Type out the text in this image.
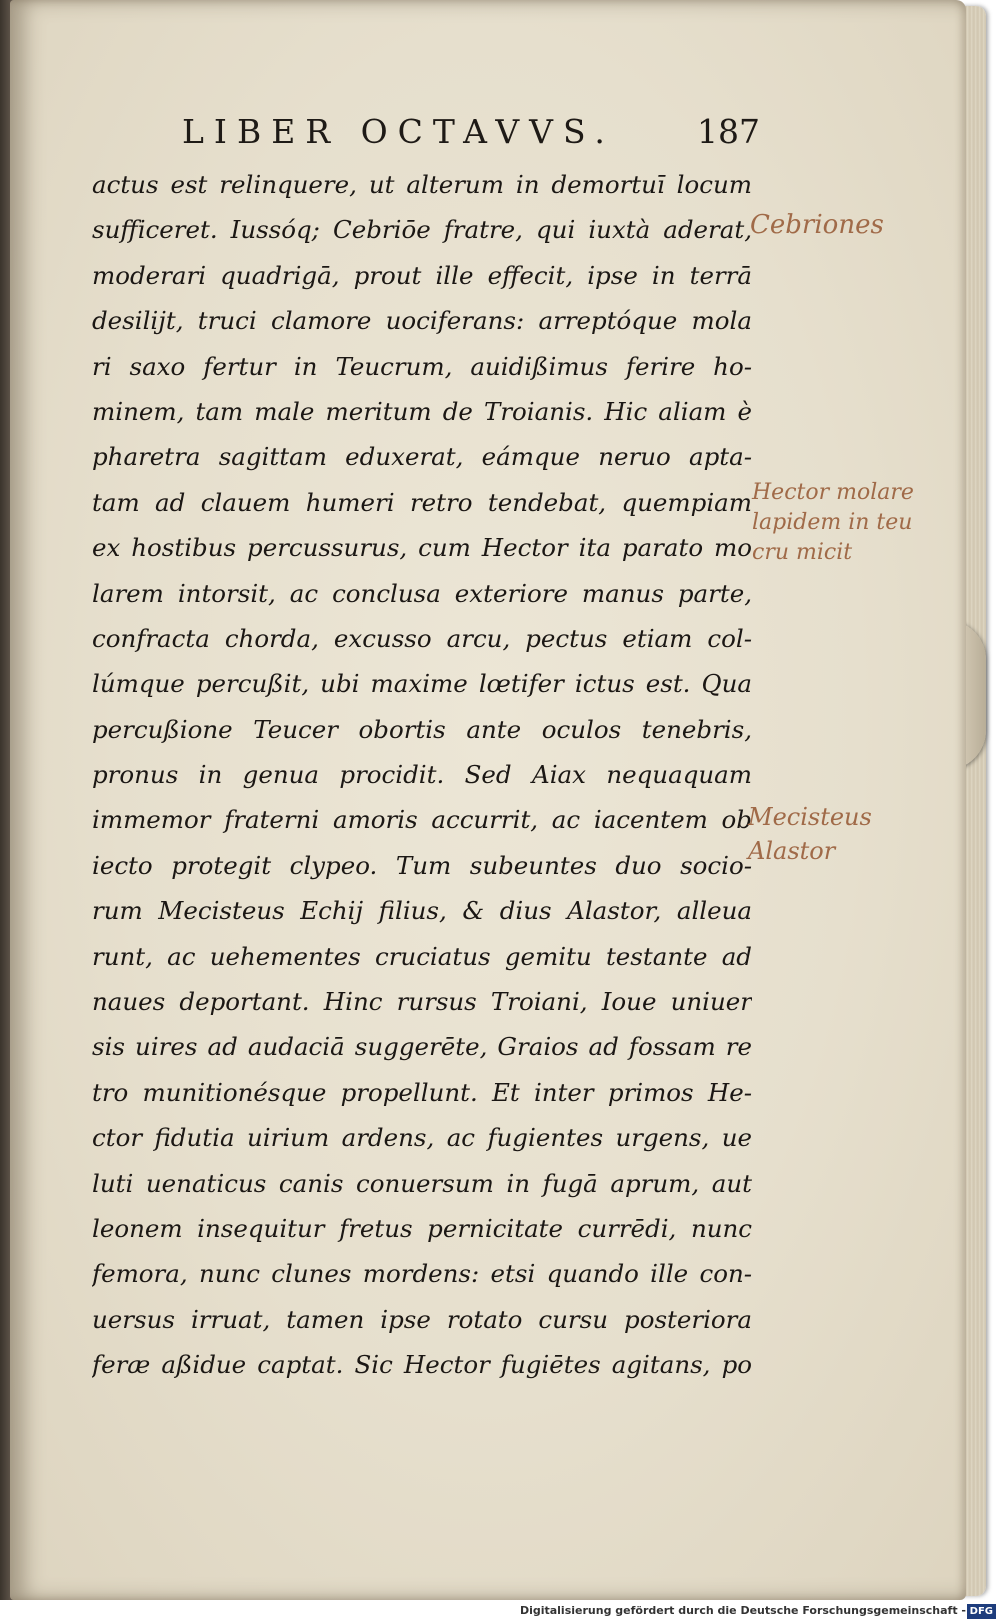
LIBER OCTAVVS. 187
actus est relinquere, ut alterum in demortuī locum
sufficeret. Iussóq; Cebriōe fratre, qui iuxtà aderat,
moderari quadrigā, prout ille effecit, ipse in terrā
desilijt, truci clamore uociferans: arreptóque mola
ri saxo fertur in Teucrum, auidißimus ferire ho-
minem, tam male meritum de Troianis. Hic aliam è
pharetra sagittam eduxerat, eámque neruo apta-
tam ad clauem humeri retro tendebat, quempiam
ex hostibus percussurus, cum Hector ita parato mo
larem intorsit, ac conclusa exteriore manus parte,
confracta chorda, excusso arcu, pectus etiam col-
lúmque percußit, ubi maxime lœtifer ictus est. Qua
percußione Teucer obortis ante oculos tenebris,
pronus in genua procidit. Sed Aiax nequaquam
immemor fraterni amoris accurrit, ac iacentem ob
iecto protegit clypeo. Tum subeuntes duo socio-
rum Mecisteus Echij filius, & dius Alastor, alleua
runt, ac uehementes cruciatus gemitu testante ad
naues deportant. Hinc rursus Troiani, Ioue uniuer
sis uires ad audaciā suggerēte, Graios ad fossam re
tro munitionésque propellunt. Et inter primos He-
ctor fidutia uirium ardens, ac fugientes urgens, ue
luti uenaticus canis conuersum in fugā aprum, aut
leonem insequitur fretus pernicitate currēdi, nunc
femora, nunc clunes mordens: etsi quando ille con-
uersus irruat, tamen ipse rotato cursu posteriora
feræ aßidue captat. Sic Hector fugiētes agitans, po
Cebriones
Hector molare
lapidem in teu
cru micit
Mecisteus
Alastor
Digitalisierung gefördert durch die Deutsche Forschungsgemeinschaft - DFG
